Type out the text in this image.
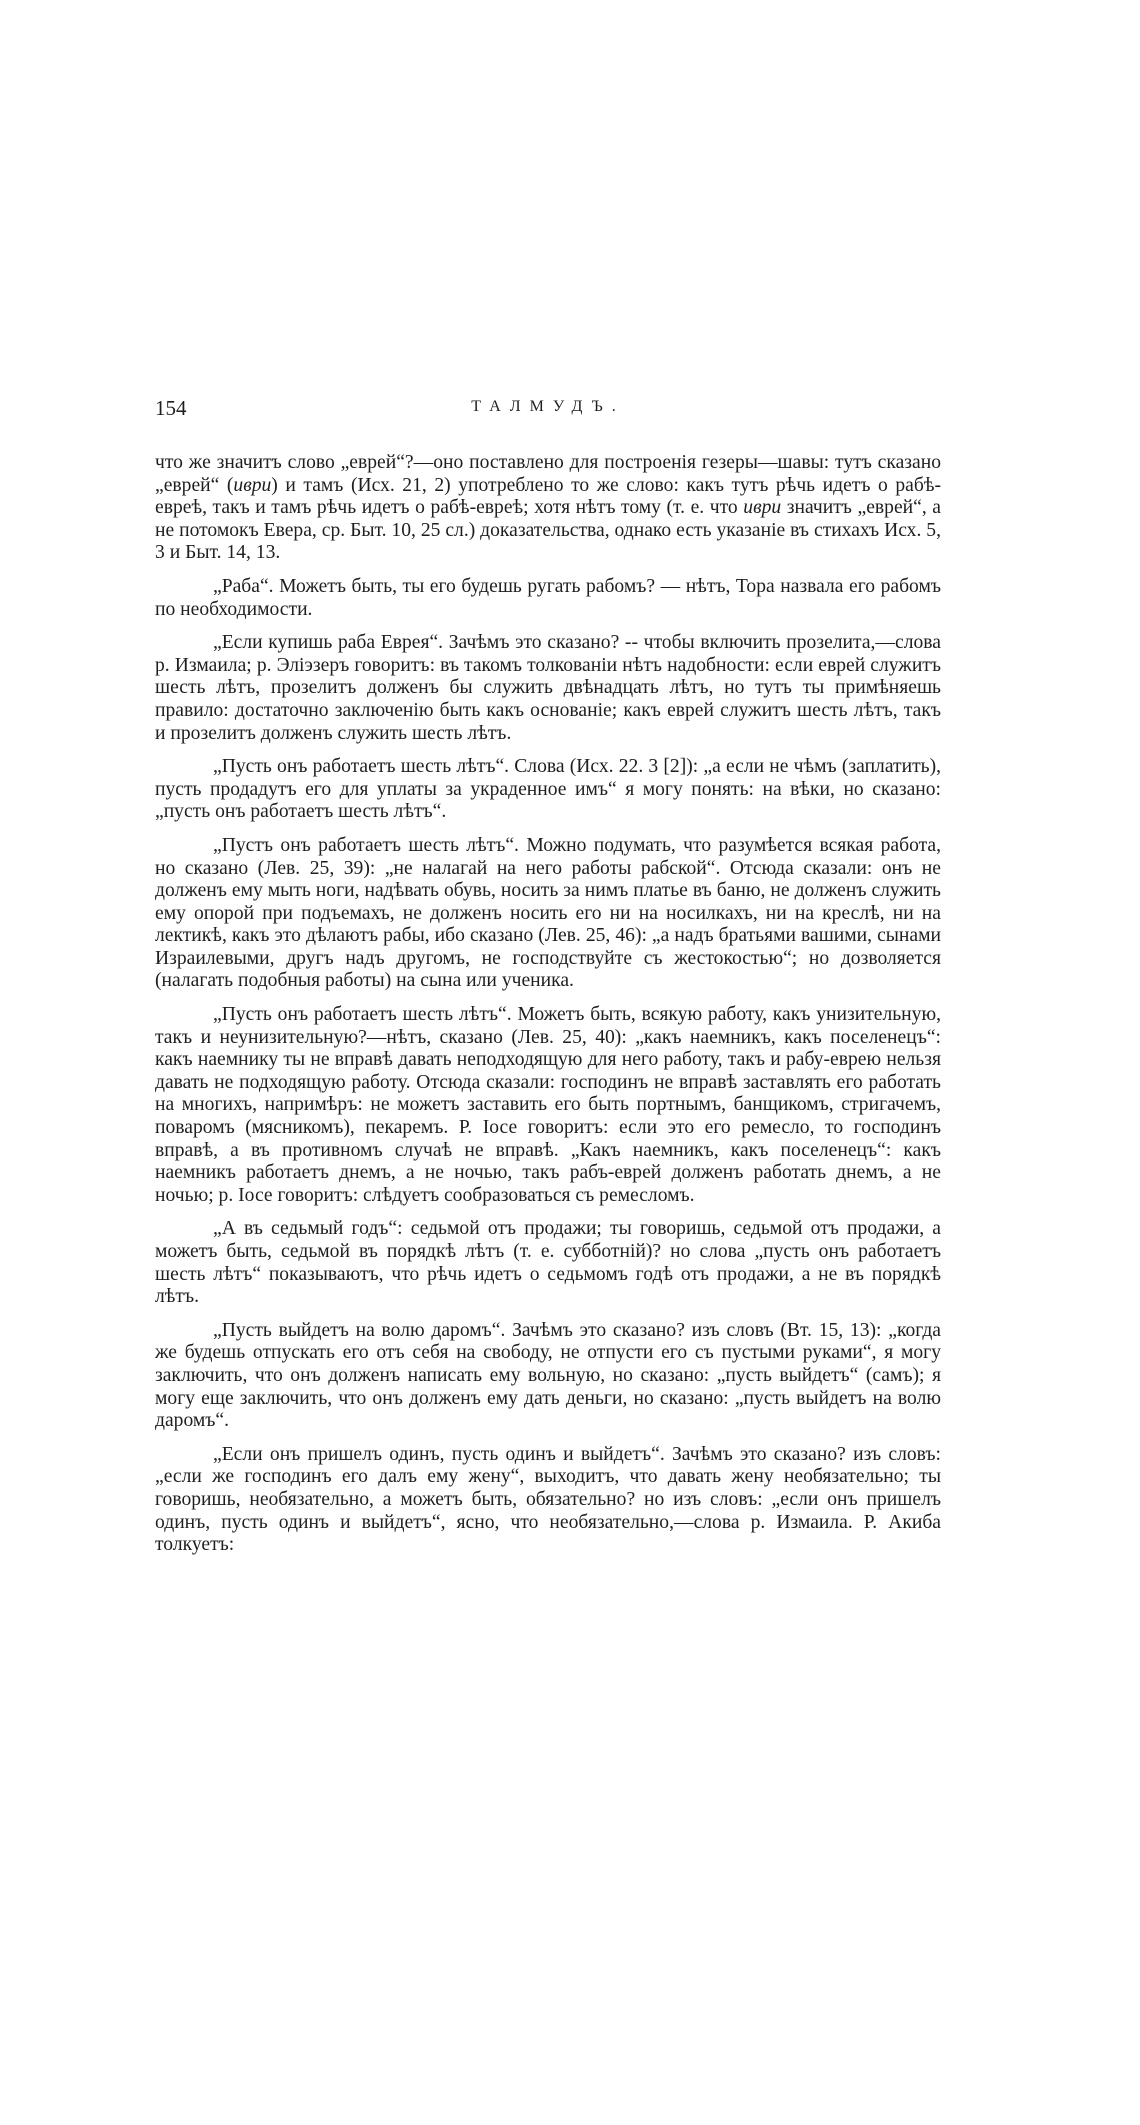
154	ТАЛМУДЪ.

что же значитъ слово „еврей“?—оно поставлено для построенія гезеры—шавы: тутъ сказано „еврей“ (иври) и тамъ (Исх. 21, 2) употреблено то же слово: какъ тутъ рѣчь идетъ о рабѣ-евреѣ, такъ и тамъ рѣчь идетъ о рабѣ-евреѣ; хотя нѣтъ тому (т. е. что иври значитъ „еврей“, а не потомокъ Евера, ср. Быт. 10, 25 сл.) доказательства, однако есть указаніе въ стихахъ Исх. 5, 3 и Быт. 14, 13.

„Раба“. Можетъ быть, ты его будешь ругать рабомъ? — нѣтъ, Тора назвала его рабомъ по необходимости.

„Если купишь раба Еврея“. Зачѣмъ это сказано? -- чтобы включить прозелита,—слова р. Измаила; р. Элiэзеръ говоритъ: въ такомъ толкованіи нѣтъ надобности: если еврей служитъ шесть лѣтъ, прозелитъ долженъ бы служить двѣнадцать лѣтъ, но тутъ ты примѣняешь правило: достаточно заключенію быть какъ основаніе; какъ еврей служитъ шесть лѣтъ, такъ и прозелитъ долженъ служить шесть лѣтъ.

„Пусть онъ работаетъ шесть лѣтъ“. Слова (Исх. 22. 3 [2]): „а если не чѣмъ (заплатить), пусть продадутъ его для уплаты за украденное имъ“ я могу понять: на вѣки, но сказано: „пусть онъ работаетъ шесть лѣтъ“.

„Пустъ онъ работаетъ шесть лѣтъ“. Можно подумать, что разумѣется всякая работа, но сказано (Лев. 25, 39): „не налагай на него работы рабской“. Отсюда сказали: онъ не долженъ ему мыть ноги, надѣвать обувь, носить за нимъ платье въ баню, не долженъ служить ему опорой при подъемахъ, не долженъ носить его ни на носилкахъ, ни на креслѣ, ни на лектикѣ, какъ это дѣлаютъ рабы, ибо сказано (Лев. 25, 46): „а надъ братьями вашими, сынами Израилевыми, другъ надъ другомъ, не господствуйте съ жестокостью“; но дозволяется (налагать подобныя работы) на сына или ученика.

„Пусть онъ работаетъ шесть лѣтъ“. Можетъ быть, всякую работу, какъ унизительную, такъ и неунизительную?—нѣтъ, сказано (Лев. 25, 40): „какъ наемникъ, какъ поселенецъ“: какъ наемнику ты не вправѣ давать неподходящую для него работу, такъ и рабу-еврею нельзя давать не подходящую работу. Отсюда сказали: господинъ не вправѣ заставлять его работать на многихъ, напримѣръ: не можетъ заставить его быть портнымъ, банщикомъ, стригачемъ, поваромъ (мясникомъ), пекаремъ. Р. Іосе говоритъ: если это его ремесло, то господинъ вправѣ, а въ противномъ случаѣ не вправѣ. „Какъ наемникъ, какъ поселенецъ“: какъ наемникъ работаетъ днемъ, а не ночью, такъ рабъ-еврей долженъ работать днемъ, а не ночью; р. Іосе говоритъ: слѣдуетъ сообразоваться съ ремесломъ.

„А въ седьмый годъ“: седьмой отъ продажи; ты говоришь, седьмой отъ продажи, а можетъ быть, седьмой въ порядкѣ лѣтъ (т. е. субботній)? но слова „пусть онъ работаетъ шесть лѣтъ“ показываютъ, что рѣчь идетъ о седьмомъ годѣ отъ продажи, а не въ порядкѣ лѣтъ.

„Пусть выйдетъ на волю даромъ“. Зачѣмъ это сказано? изъ словъ (Вт. 15, 13): „когда же будешь отпускать его отъ себя на свободу, не отпусти его съ пустыми руками“, я могу заключить, что онъ долженъ написать ему вольную, но сказано: „пусть выйдетъ“ (самъ); я могу еще заключить, что онъ долженъ ему дать деньги, но сказано: „пусть выйдетъ на волю даромъ“.

„Если онъ пришелъ одинъ, пусть одинъ и выйдетъ“. Зачѣмъ это сказано? изъ словъ: „если же господинъ его далъ ему жену“, выходитъ, что давать жену необязательно; ты говоришь, необязательно, а можетъ быть, обязательно? но изъ словъ: „если онъ пришелъ одинъ, пусть одинъ и выйдетъ“, ясно, что необязательно,—слова р. Измаила. Р. Акиба толкуетъ:
